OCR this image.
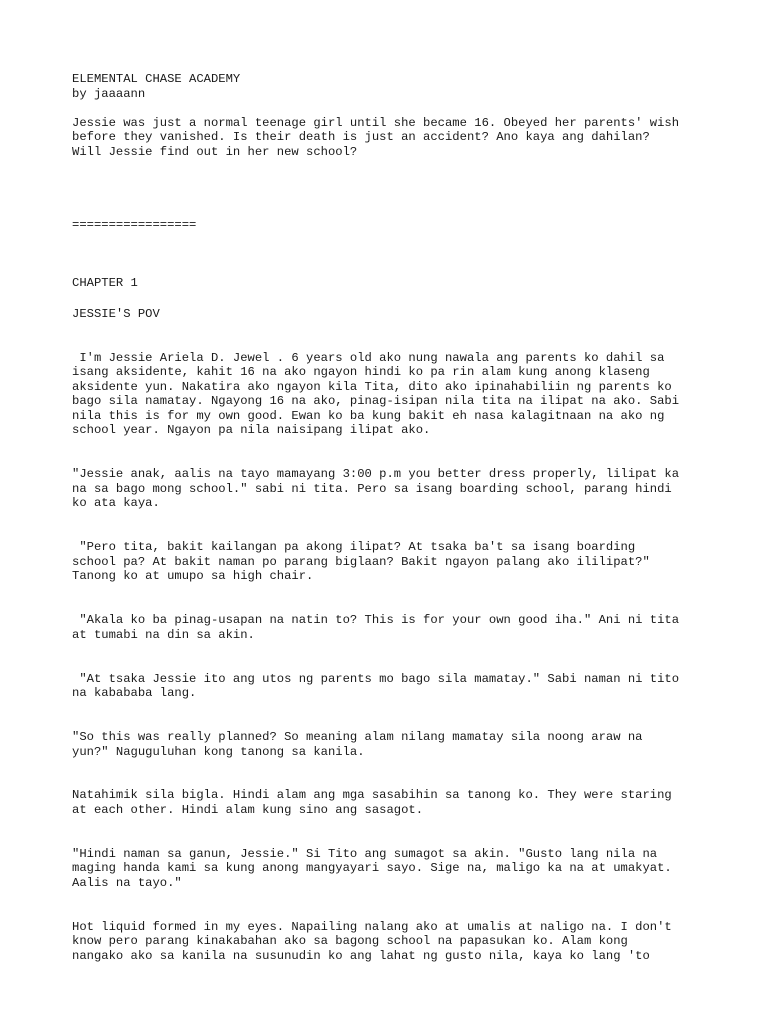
ELEMENTAL CHASE ACADEMY
by jaaaann
Jessie was just a normal teenage girl until she became 16. Obeyed her parents' wish
before they vanished. Is their death is just an accident? Ano kaya ang dahilan?
Will Jessie find out in her new school?
=================
CHAPTER 1
JESSIE'S POV
I'm Jessie Ariela D. Jewel . 6 years old ako nung nawala ang parents ko dahil sa
isang aksidente, kahit 16 na ako ngayon hindi ko pa rin alam kung anong klaseng
aksidente yun. Nakatira ako ngayon kila Tita, dito ako ipinahabiliin ng parents ko
bago sila namatay. Ngayong 16 na ako, pinag-isipan nila tita na ilipat na ako. Sabi
nila this is for my own good. Ewan ko ba kung bakit eh nasa kalagitnaan na ako ng
school year. Ngayon pa nila naisipang ilipat ako.
"Jessie anak, aalis na tayo mamayang 3:00 p.m you better dress properly, lilipat ka
na sa bago mong school." sabi ni tita. Pero sa isang boarding school, parang hindi
ko ata kaya.
"Pero tita, bakit kailangan pa akong ilipat? At tsaka ba't sa isang boarding
school pa? At bakit naman po parang biglaan? Bakit ngayon palang ako ililipat?"
Tanong ko at umupo sa high chair.
"Akala ko ba pinag-usapan na natin to? This is for your own good iha." Ani ni tita
at tumabi na din sa akin.
"At tsaka Jessie ito ang utos ng parents mo bago sila mamatay." Sabi naman ni tito
na kabababa lang.
"So this was really planned? So meaning alam nilang mamatay sila noong araw na
yun?" Naguguluhan kong tanong sa kanila.
Natahimik sila bigla. Hindi alam ang mga sasabihin sa tanong ko. They were staring
at each other. Hindi alam kung sino ang sasagot.
"Hindi naman sa ganun, Jessie." Si Tito ang sumagot sa akin. "Gusto lang nila na
maging handa kami sa kung anong mangyayari sayo. Sige na, maligo ka na at umakyat.
Aalis na tayo."
Hot liquid formed in my eyes. Napailing nalang ako at umalis at naligo na. I don't
know pero parang kinakabahan ako sa bagong school na papasukan ko. Alam kong
nangako ako sa kanila na susunudin ko ang lahat ng gusto nila, kaya ko lang 'to
